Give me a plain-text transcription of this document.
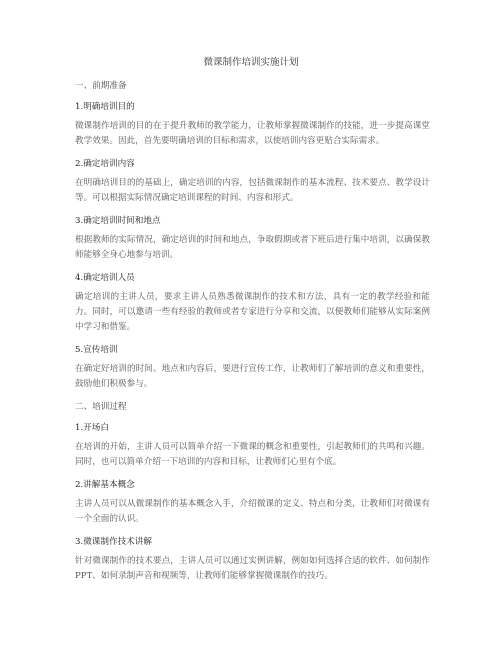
微课制作培训实施计划

一、前期准备

1.明确培训目的

微课制作培训的目的在于提升教师的教学能力，让教师掌握微课制作的技能，进一步提高课堂教学效果。因此，首先要明确培训的目标和需求，以使培训内容更贴合实际需求。

2.确定培训内容

在明确培训目的的基础上，确定培训的内容，包括微课制作的基本流程、技术要点、教学设计等。可以根据实际情况确定培训课程的时间、内容和形式。

3.确定培训时间和地点

根据教师的实际情况，确定培训的时间和地点，争取假期或者下班后进行集中培训，以确保教师能够全身心地参与培训。

4.确定培训人员

确定培训的主讲人员，要求主讲人员熟悉微课制作的技术和方法，具有一定的教学经验和能力。同时，可以邀请一些有经验的教师或者专家进行分享和交流，以便教师们能够从实际案例中学习和借鉴。

5.宣传培训

在确定好培训的时间、地点和内容后，要进行宣传工作，让教师们了解培训的意义和重要性，鼓励他们积极参与。

二、培训过程

1.开场白

在培训的开始，主讲人员可以简单介绍一下微课的概念和重要性，引起教师们的共鸣和兴趣。同时，也可以简单介绍一下培训的内容和目标，让教师们心里有个底。

2.讲解基本概念

主讲人员可以从微课制作的基本概念入手，介绍微课的定义、特点和分类，让教师们对微课有一个全面的认识。

3.微课制作技术讲解

针对微课制作的技术要点，主讲人员可以通过实例讲解，例如如何选择合适的软件、如何制作PPT、如何录制声音和视频等，让教师们能够掌握微课制作的技巧。
